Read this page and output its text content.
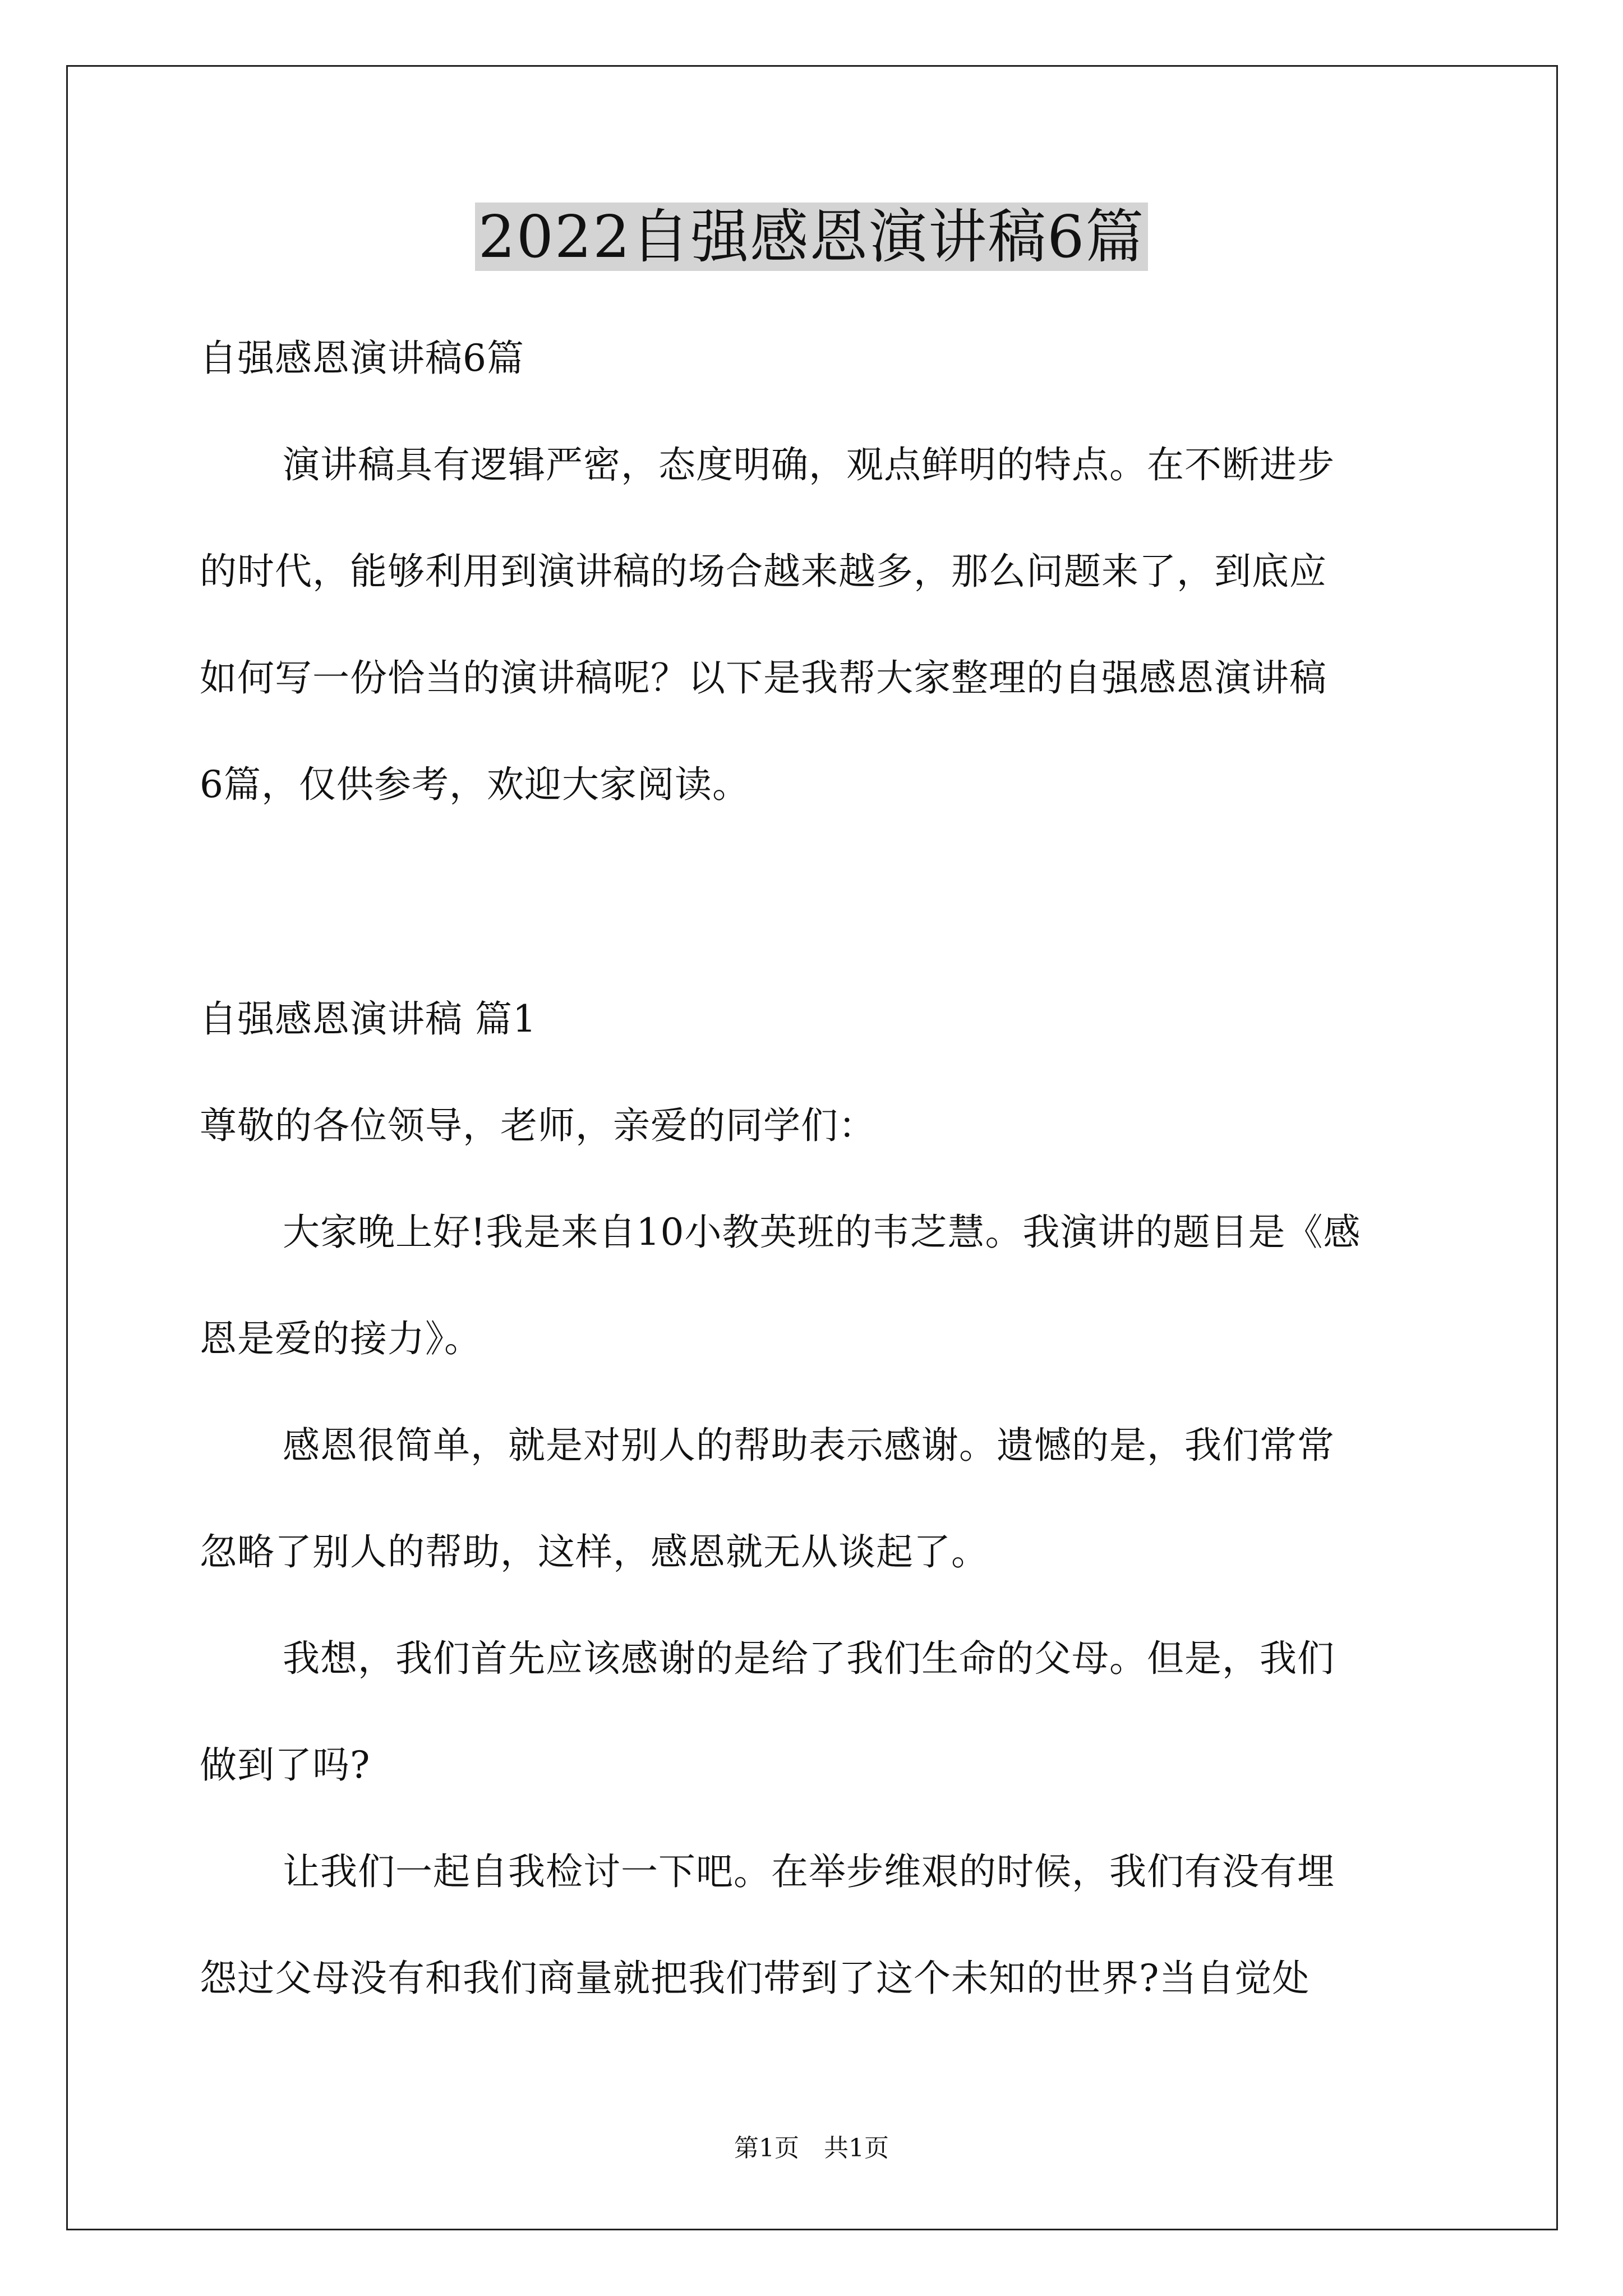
2022自强感恩演讲稿6篇
自强感恩演讲稿6篇
演讲稿具有逻辑严密，态度明确，观点鲜明的特点。在不断进步
的时代，能够利用到演讲稿的场合越来越多，那么问题来了，到底应
如何写一份恰当的演讲稿呢？以下是我帮大家整理的自强感恩演讲稿
6篇，仅供参考，欢迎大家阅读。
自强感恩演讲稿 篇1
尊敬的各位领导，老师，亲爱的同学们：
大家晚上好!我是来自10小教英班的韦芝慧。我演讲的题目是《感
恩是爱的接力》。
感恩很简单，就是对别人的帮助表示感谢。遗憾的是，我们常常
忽略了别人的帮助，这样，感恩就无从谈起了。
我想，我们首先应该感谢的是给了我们生命的父母。但是，我们
做到了吗?
让我们一起自我检讨一下吧。在举步维艰的时候，我们有没有埋
怨过父母没有和我们商量就把我们带到了这个未知的世界?当自觉处
第1页 共1页
